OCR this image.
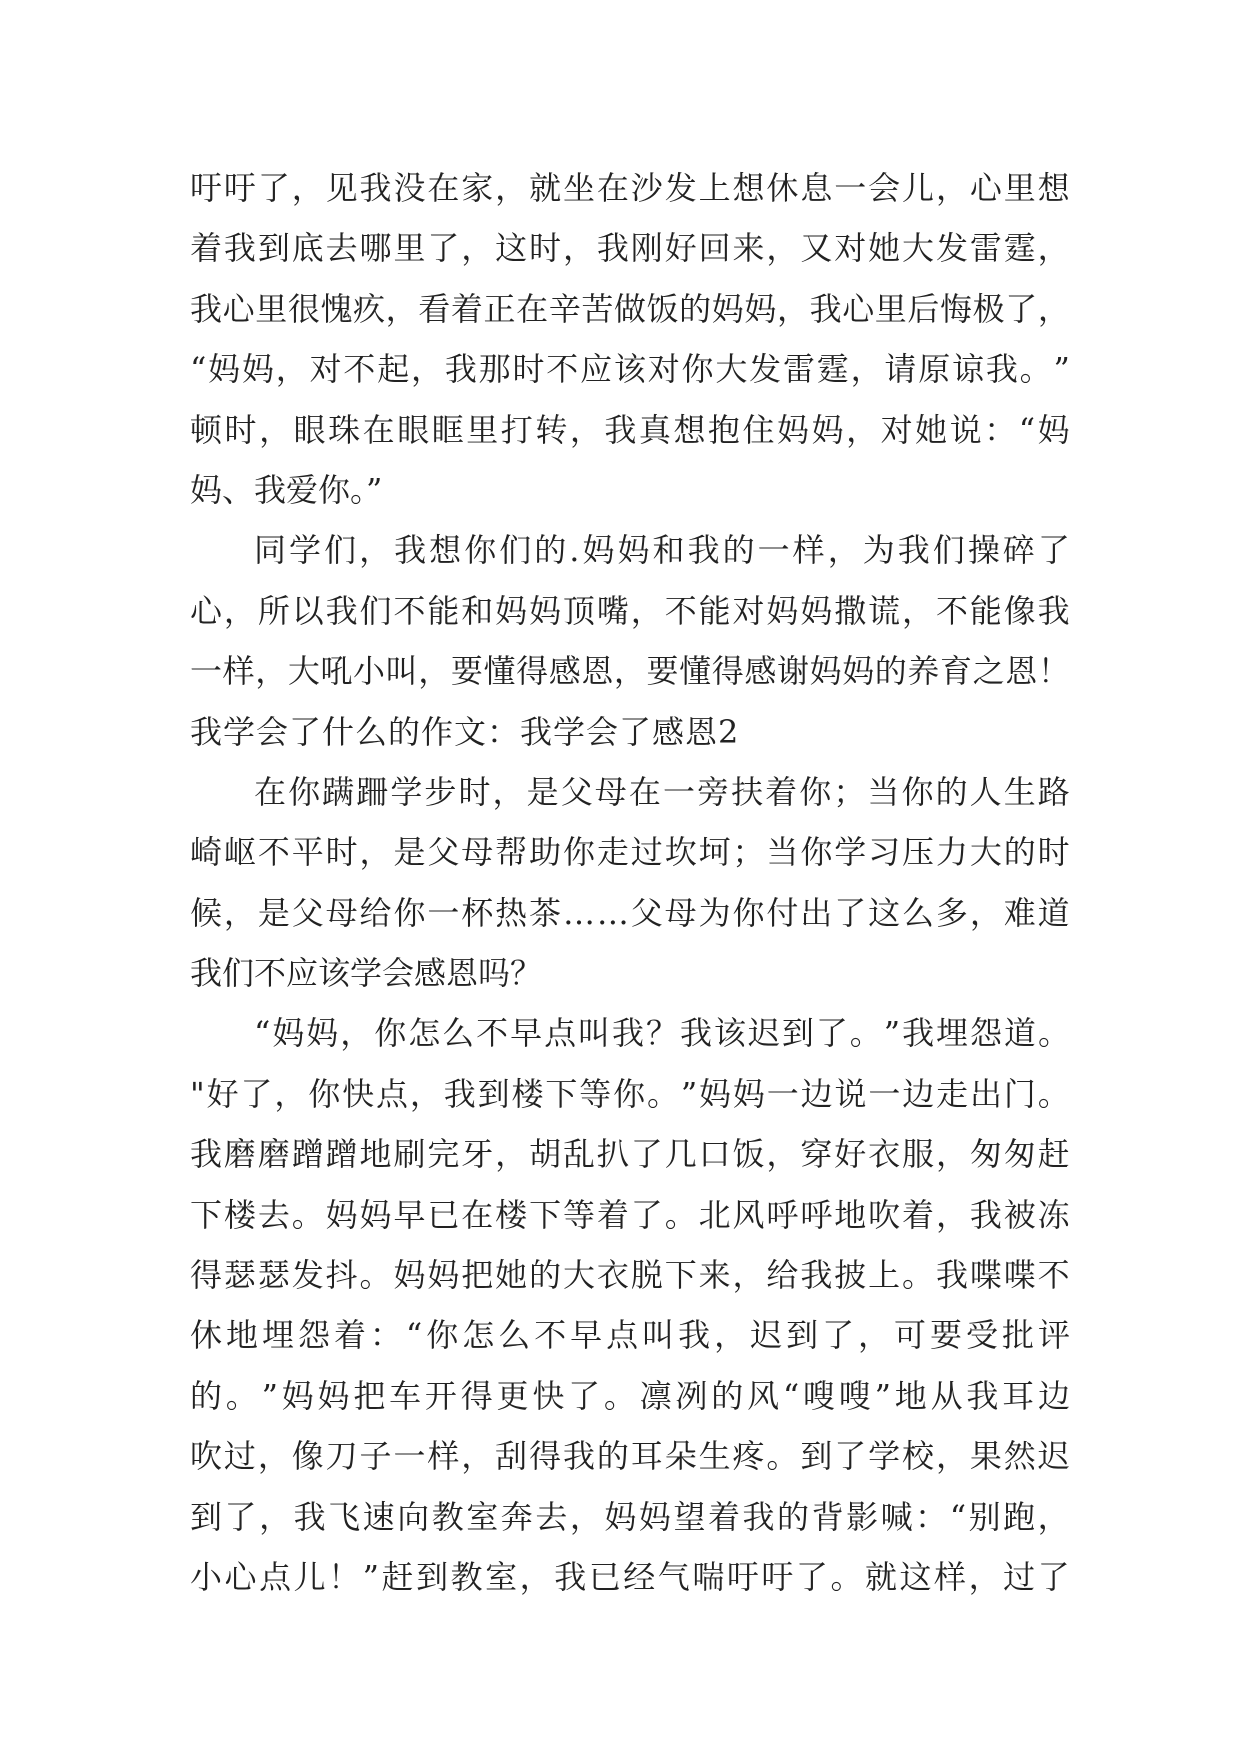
吁 吁 了 ， 见 我 没 在 家 ， 就 坐 在 沙 发 上 想 休 息 一 会 儿 ， 心 里 想
着 我 到 底 去 哪 里 了 ， 这 时 ， 我 刚 好 回 来 ， 又 对 她 大 发 雷 霆 ，
我 心 里 很 愧 疚 ， 看 着 正 在 辛 苦 做 饭 的 妈 妈 ， 我 心 里 后 悔 极 了 ，
“ 妈 妈 ， 对 不 起 ， 我 那 时 不 应 该 对 你 大 发 雷 霆 ， 请 原 谅 我 。 ”
顿 时 ， 眼 珠 在 眼 眶 里 打 转 ， 我 真 想 抱 住 妈 妈 ， 对 她 说 ： “ 妈
妈、我爱你。”
同 学 们 ， 我 想 你 们 的 . 妈 妈 和 我 的 一 样 ， 为 我 们 操 碎 了
心 ， 所 以 我 们 不 能 和 妈 妈 顶 嘴 ， 不 能 对 妈 妈 撒 谎 ， 不 能 像 我
一 样 ， 大 吼 小 叫 ， 要 懂 得 感 恩 ， 要 懂 得 感 谢 妈 妈 的 养 育 之 恩 ！
我学会了什么的作文：我学会了感恩2
在 你 蹒 跚 学 步 时 ， 是 父 母 在 一 旁 扶 着 你 ； 当 你 的 人 生 路
崎 岖 不 平 时 ， 是 父 母 帮 助 你 走 过 坎 坷 ； 当 你 学 习 压 力 大 的 时
候 ， 是 父 母 给 你 一 杯 热 茶 … … 父 母 为 你 付 出 了 这 么 多 ， 难 道
我们不应该学会感恩吗？
“ 妈 妈 ， 你 怎 么 不 早 点 叫 我 ？ 我 该 迟 到 了 。 ” 我 埋 怨 道 。
" 好 了 ， 你 快 点 ， 我 到 楼 下 等 你 。 ” 妈 妈 一 边 说 一 边 走 出 门 。
我 磨 磨 蹭 蹭 地 刷 完 牙 ， 胡 乱 扒 了 几 口 饭 ， 穿 好 衣 服 ， 匆 匆 赶
下 楼 去 。 妈 妈 早 已 在 楼 下 等 着 了 。 北 风 呼 呼 地 吹 着 ， 我 被 冻
得 瑟 瑟 发 抖 。 妈 妈 把 她 的 大 衣 脱 下 来 ， 给 我 披 上 。 我 喋 喋 不
休 地 埋 怨 着 ： “ 你 怎 么 不 早 点 叫 我 ， 迟 到 了 ， 可 要 受 批 评
的 。 ” 妈 妈 把 车 开 得 更 快 了 。 凛 冽 的 风 “ 嗖 嗖 ” 地 从 我 耳 边
吹 过 ， 像 刀 子 一 样 ， 刮 得 我 的 耳 朵 生 疼 。 到 了 学 校 ， 果 然 迟
到 了 ， 我 飞 速 向 教 室 奔 去 ， 妈 妈 望 着 我 的 背 影 喊 ： “ 别 跑 ，
小 心 点 儿 ！ ” 赶 到 教 室 ， 我 已 经 气 喘 吁 吁 了 。 就 这 样 ， 过 了
